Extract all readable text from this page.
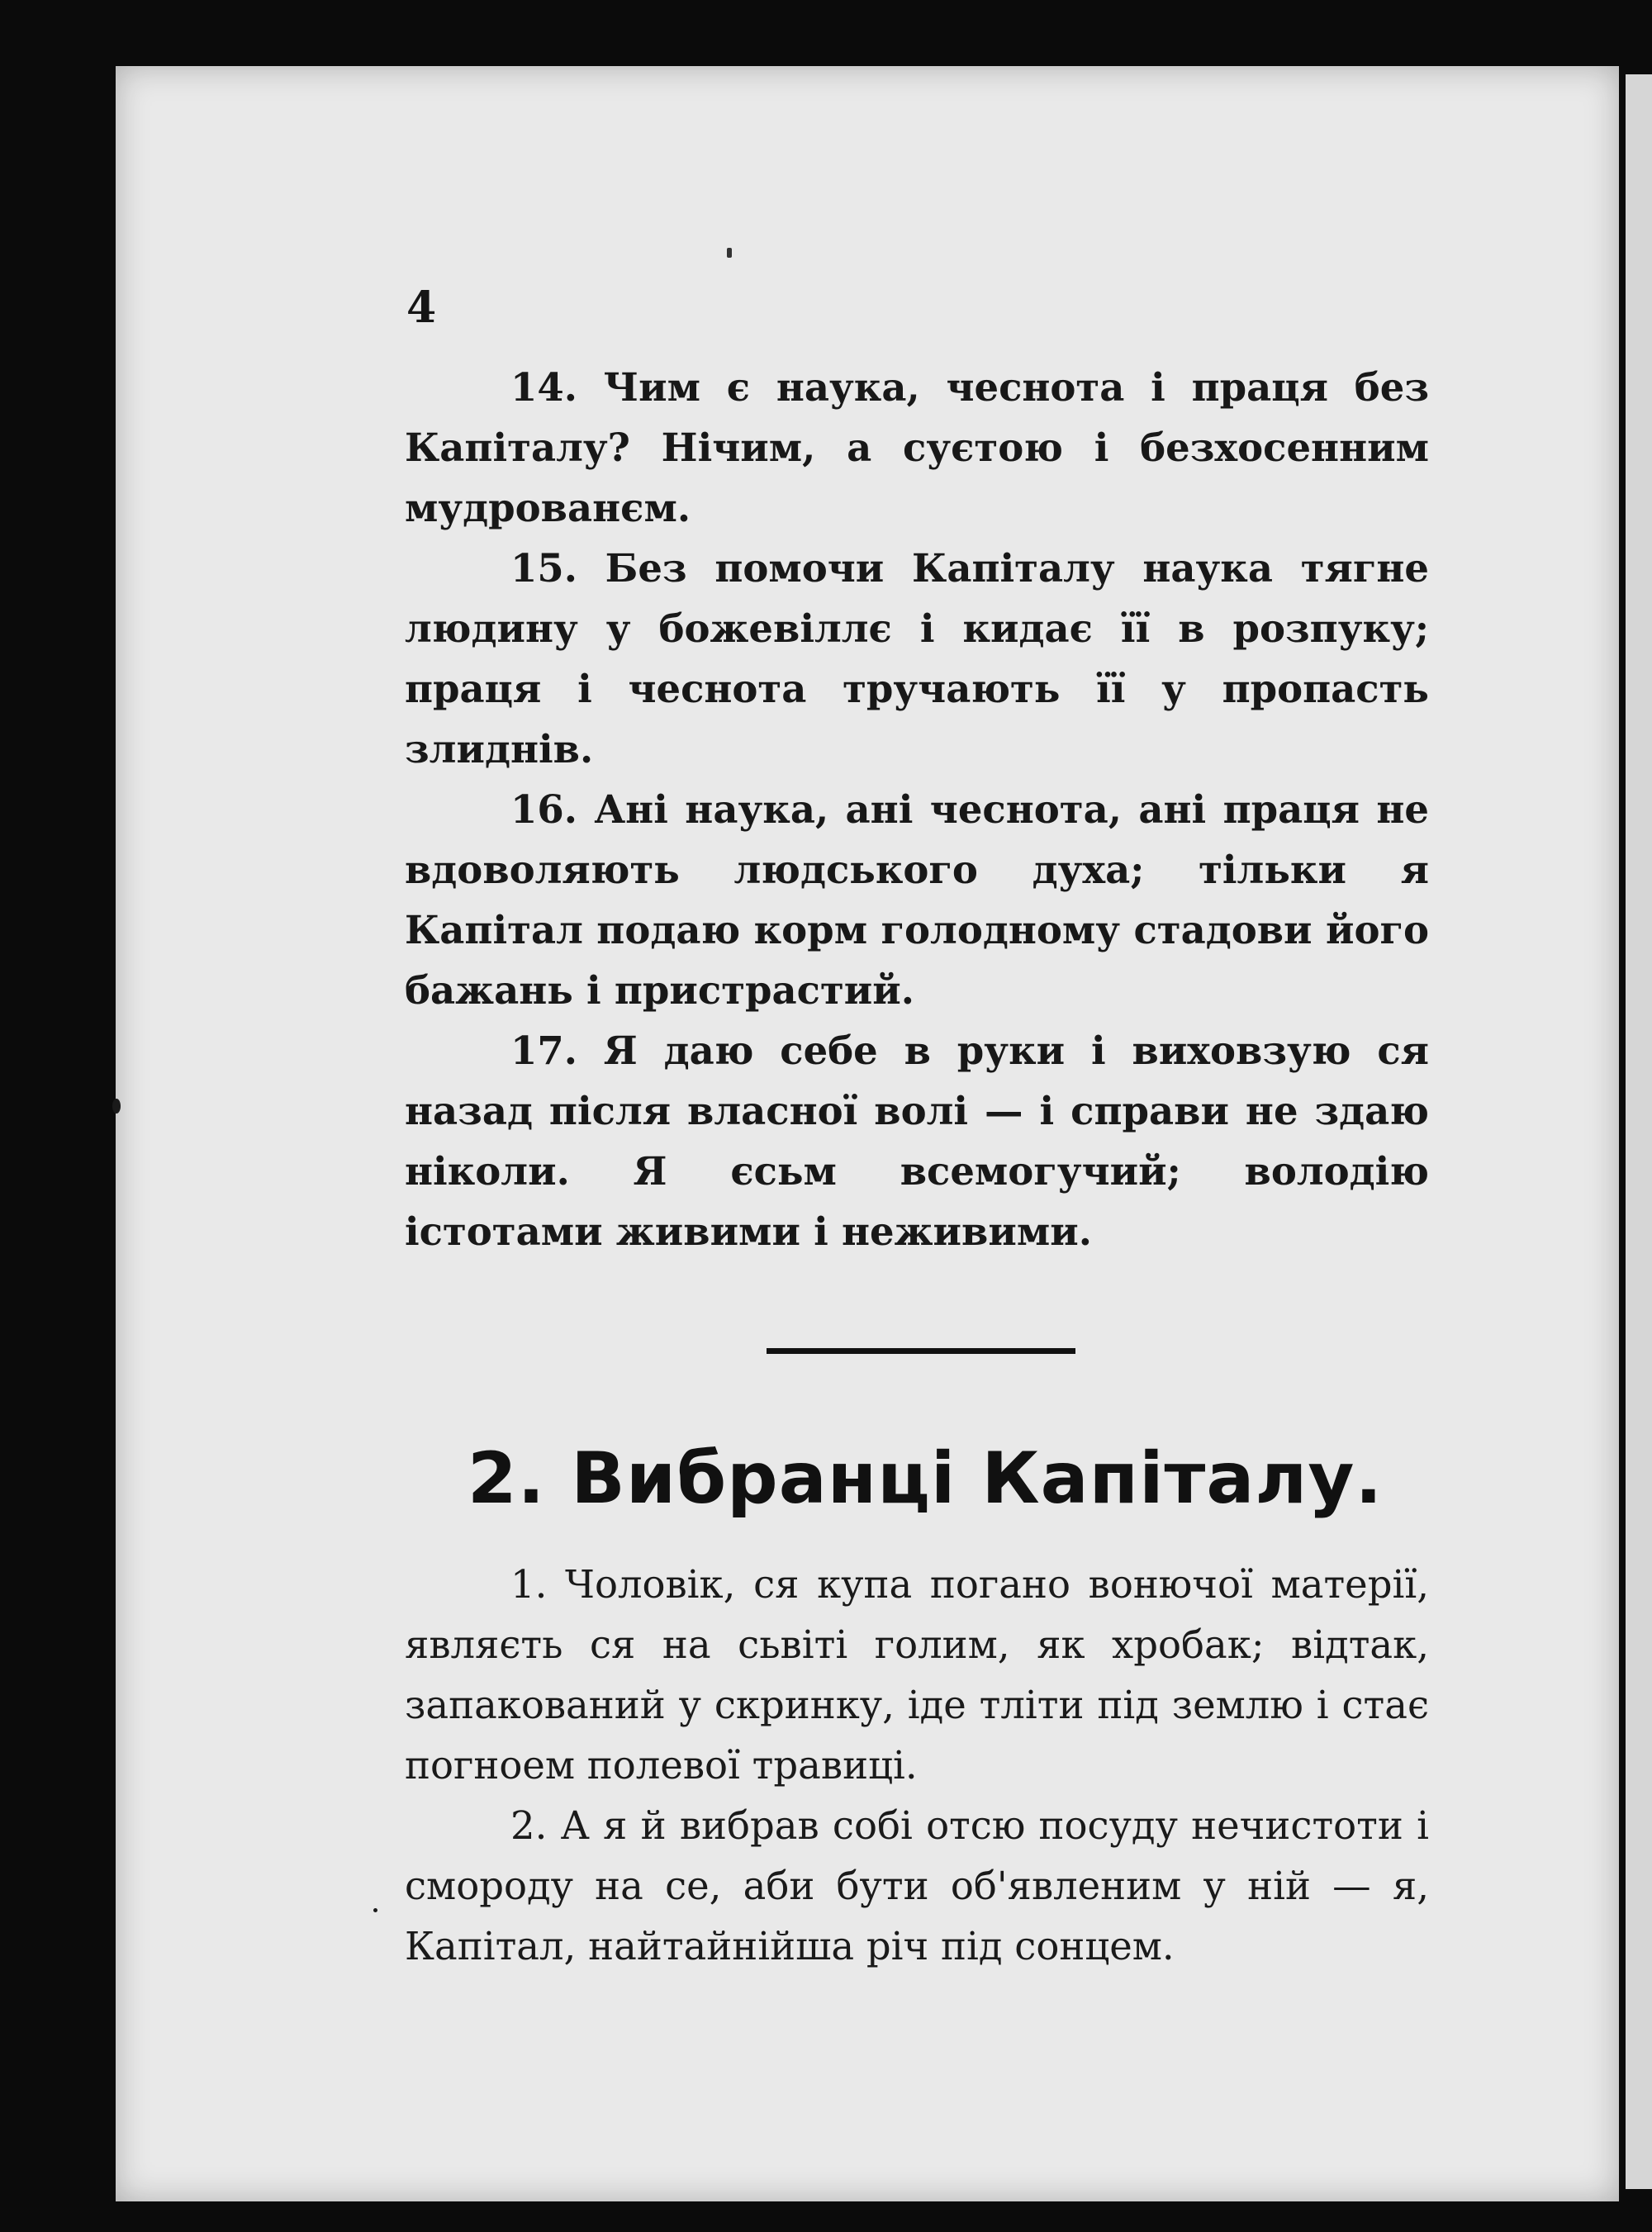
4

14. Чим є наука, чеснота і праця без Капіталу? Нічим, а суєтою і безхосенним мудрованєм.

15. Без помочи Капіталу наука тягне людину у божевіллє і кидає її в розпуку; праця і чеснота тручають її у пропасть злиднів.

16. Ані наука, ані чеснота, ані праця не вдоволяють людського духа; тільки я Капітал подаю корм голодному стадови його бажань і пристрастий.

17. Я даю себе в руки і виховзую ся назад після власної волі — і справи не здаю ніколи. Я єсьм всемогучий; володію істотами живими і неживими.

2. Вибранці Капіталу.

1. Чоловік, ся купа погано вонючої матерії, являєть ся на сьвіті голим, як хробак; відтак, запакований у скринку, іде тліти під землю і стає погноем полевої травиці.

2. А я й вибрав собі отсю посуду нечистоти і смороду на се, аби бути об'явленим у ній — я, Капітал, найтайнійша річ під сонцем.
